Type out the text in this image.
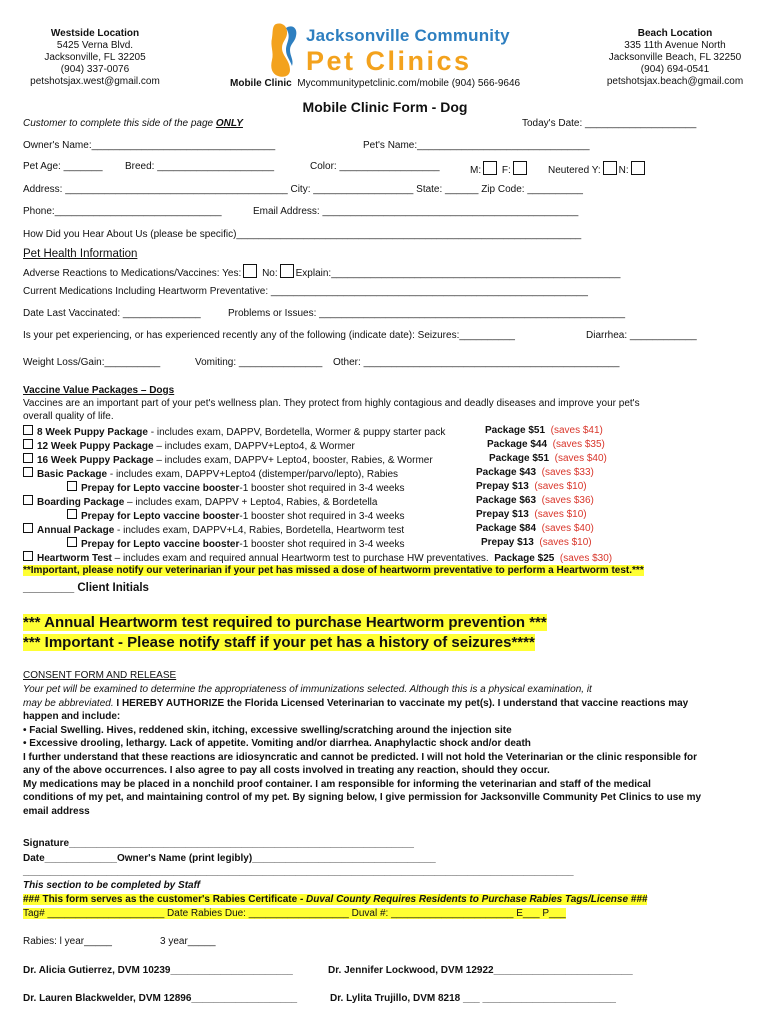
Westside Location
5425 Verna Blvd.
Jacksonville, FL 32205
(904) 337-0076
petshotsjax.west@gmail.com
Jacksonville Community
Pet Clinics
Mobile Clinic Mycommunitypetclinic.com/mobile (904) 566-9646
Beach Location
335 11th Avenue North
Jacksonville Beach, FL 32250
(904) 694-0541
petshotsjax.beach@gmail.com
Mobile Clinic Form - Dog
Customer to complete this side of the page ONLY	Today's Date: ____________________
Owner's Name:_________________________________	Pet's Name:_______________________________
Pet Age: _______ Breed: _____________________	Color: __________________	M: F:	Neutered Y: N:
Address: ________________________________________ City: __________________ State: ______ Zip Code: __________
Phone:______________________________	Email Address: ______________________________________________
How Did you Hear About Us (please be specific)______________________________________________________________
Pet Health Information
Adverse Reactions to Medications/Vaccines: Yes: No: Explain:____________________________________________________
Current Medications Including Heartworm Preventative: _________________________________________________________
Date Last Vaccinated: ______________	Problems or Issues: _______________________________________________________
Is your pet experiencing, or has experienced recently any of the following (indicate date): Seizures:__________	Diarrhea: ____________
Weight Loss/Gain:__________	Vomiting: _______________ Other: ______________________________________________
Vaccine Value Packages – Dogs
Vaccines are an important part of your pet's wellness plan. They protect from highly contagious and deadly diseases and improve your pet's
overall quality of life.
8 Week Puppy Package - includes exam, DAPPV, Bordetella, Wormer & puppy starter pack	Package $51 (saves $41)
12 Week Puppy Package – includes exam, DAPPV+Lepto4, & Wormer	Package $44 (saves $35)
16 Week Puppy Package – includes exam, DAPPV+ Lepto4, booster, Rabies, & Wormer	Package $51 (saves $40)
Basic Package - includes exam, DAPPV+Lepto4 (distemper/parvo/lepto), Rabies	Package $43 (saves $33)
Prepay for Lepto vaccine booster-1 booster shot required in 3-4 weeks	Prepay $13 (saves $10)
Boarding Package – includes exam, DAPPV + Lepto4, Rabies, & Bordetella	Package $63 (saves $36)
Prepay for Lepto vaccine booster-1 booster shot required in 3-4 weeks	Prepay $13 (saves $10)
Annual Package - includes exam, DAPPV+L4, Rabies, Bordetella, Heartworm test	Package $84 (saves $40)
Prepay for Lepto vaccine booster-1 booster shot required in 3-4 weeks	Prepay $13 (saves $10)
Heartworm Test – includes exam and required annual Heartworm test to purchase HW preventatives. Package $25 (saves $30)
**Important, please notify our veterinarian if your pet has missed a dose of heartworm preventative to perform a Heartworm test.***
________ Client Initials
*** Annual Heartworm test required to purchase Heartworm prevention ***
*** Important - Please notify staff if your pet has a history of seizures****
CONSENT FORM AND RELEASE
Your pet will be examined to determine the appropriateness of immunizations selected. Although this is a physical examination, it
may be abbreviated. I HEREBY AUTHORIZE the Florida Licensed Veterinarian to vaccinate my pet(s). I understand that vaccine reactions may
happen and include:
• Facial Swelling. Hives, reddened skin, itching, excessive swelling/scratching around the injection site
• Excessive drooling, lethargy. Lack of appetite. Vomiting and/or diarrhea. Anaphylactic shock and/or death
I further understand that these reactions are idiosyncratic and cannot be predicted. I will not hold the Veterinarian or the clinic responsible for
any of the above occurrences. I also agree to pay all costs involved in treating any reaction, should they occur.
My medications may be placed in a nonchild proof container. I am responsible for informing the veterinarian and staff of the medical
conditions of my pet, and maintaining control of my pet. By signing below, I give permission for Jacksonville Community Pet Clinics to use my
email address
Signature______________________________________________________________
Date_____________Owner's Name (print legibly)_________________________________
___________________________________________________________________________________________________
This section to be completed by Staff
### This form serves as the customer's Rabies Certificate - Duval County Requires Residents to Purchase Rabies Tags/License ###
Tag# _____________________ Date Rabies Due: __________________ Duval #: ______________________ E___ P___
Rabies: l year_____	3 year_____
Dr. Alicia Gutierrez, DVM 10239______________________	Dr. Jennifer Lockwood, DVM 12922_________________________
Dr. Lauren Blackwelder, DVM 12896___________________	Dr. Lylita Trujillo, DVM 8218 ___ ________________________
